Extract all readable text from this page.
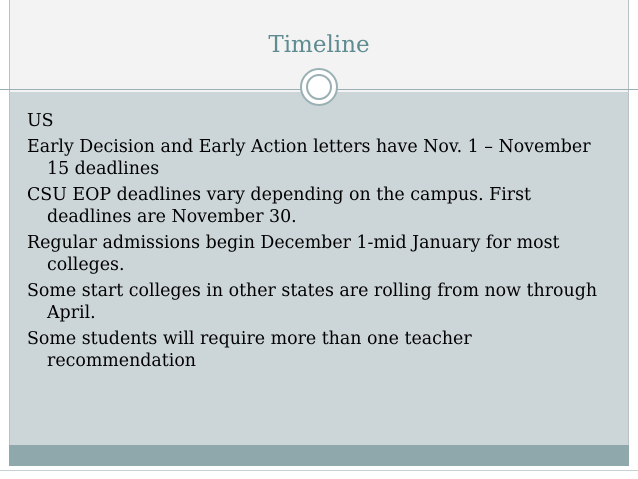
Timeline
US
Early Decision and Early Action letters have Nov. 1 – November 15 deadlines
CSU EOP deadlines vary depending on the campus. First deadlines are November 30.
Regular admissions begin December 1-mid January for most colleges.
Some start colleges in other states are rolling from now through April.
Some students will require more than one teacher recommendation
